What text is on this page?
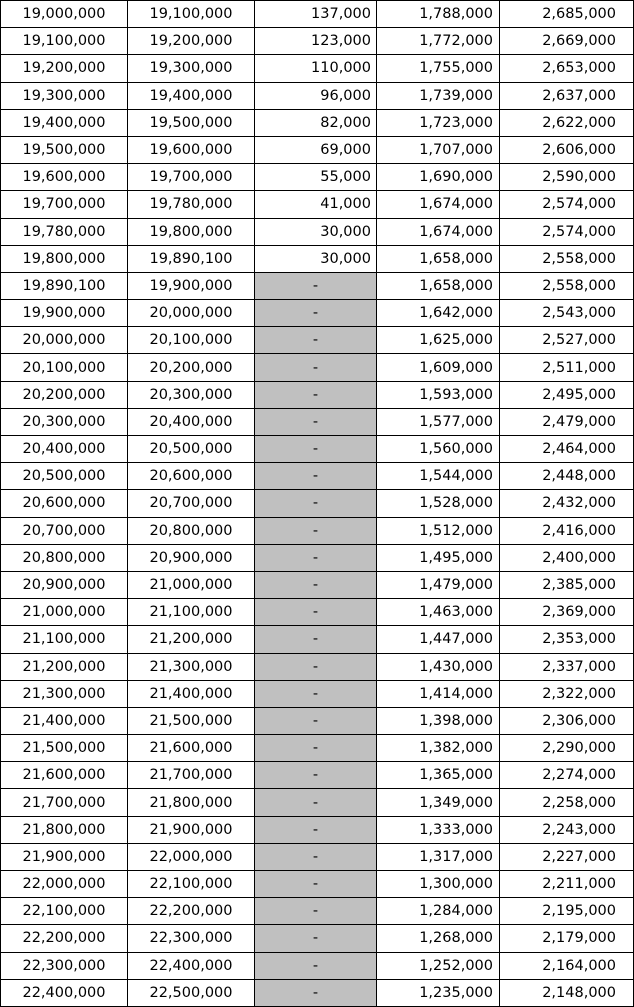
19,000,000	19,100,000	137,000	1,788,000	2,685,000
19,100,000	19,200,000	123,000	1,772,000	2,669,000
19,200,000	19,300,000	110,000	1,755,000	2,653,000
19,300,000	19,400,000	96,000	1,739,000	2,637,000
19,400,000	19,500,000	82,000	1,723,000	2,622,000
19,500,000	19,600,000	69,000	1,707,000	2,606,000
19,600,000	19,700,000	55,000	1,690,000	2,590,000
19,700,000	19,780,000	41,000	1,674,000	2,574,000
19,780,000	19,800,000	30,000	1,674,000	2,574,000
19,800,000	19,890,100	30,000	1,658,000	2,558,000
19,890,100	19,900,000	-	1,658,000	2,558,000
19,900,000	20,000,000	-	1,642,000	2,543,000
20,000,000	20,100,000	-	1,625,000	2,527,000
20,100,000	20,200,000	-	1,609,000	2,511,000
20,200,000	20,300,000	-	1,593,000	2,495,000
20,300,000	20,400,000	-	1,577,000	2,479,000
20,400,000	20,500,000	-	1,560,000	2,464,000
20,500,000	20,600,000	-	1,544,000	2,448,000
20,600,000	20,700,000	-	1,528,000	2,432,000
20,700,000	20,800,000	-	1,512,000	2,416,000
20,800,000	20,900,000	-	1,495,000	2,400,000
20,900,000	21,000,000	-	1,479,000	2,385,000
21,000,000	21,100,000	-	1,463,000	2,369,000
21,100,000	21,200,000	-	1,447,000	2,353,000
21,200,000	21,300,000	-	1,430,000	2,337,000
21,300,000	21,400,000	-	1,414,000	2,322,000
21,400,000	21,500,000	-	1,398,000	2,306,000
21,500,000	21,600,000	-	1,382,000	2,290,000
21,600,000	21,700,000	-	1,365,000	2,274,000
21,700,000	21,800,000	-	1,349,000	2,258,000
21,800,000	21,900,000	-	1,333,000	2,243,000
21,900,000	22,000,000	-	1,317,000	2,227,000
22,000,000	22,100,000	-	1,300,000	2,211,000
22,100,000	22,200,000	-	1,284,000	2,195,000
22,200,000	22,300,000	-	1,268,000	2,179,000
22,300,000	22,400,000	-	1,252,000	2,164,000
22,400,000	22,500,000	-	1,235,000	2,148,000
